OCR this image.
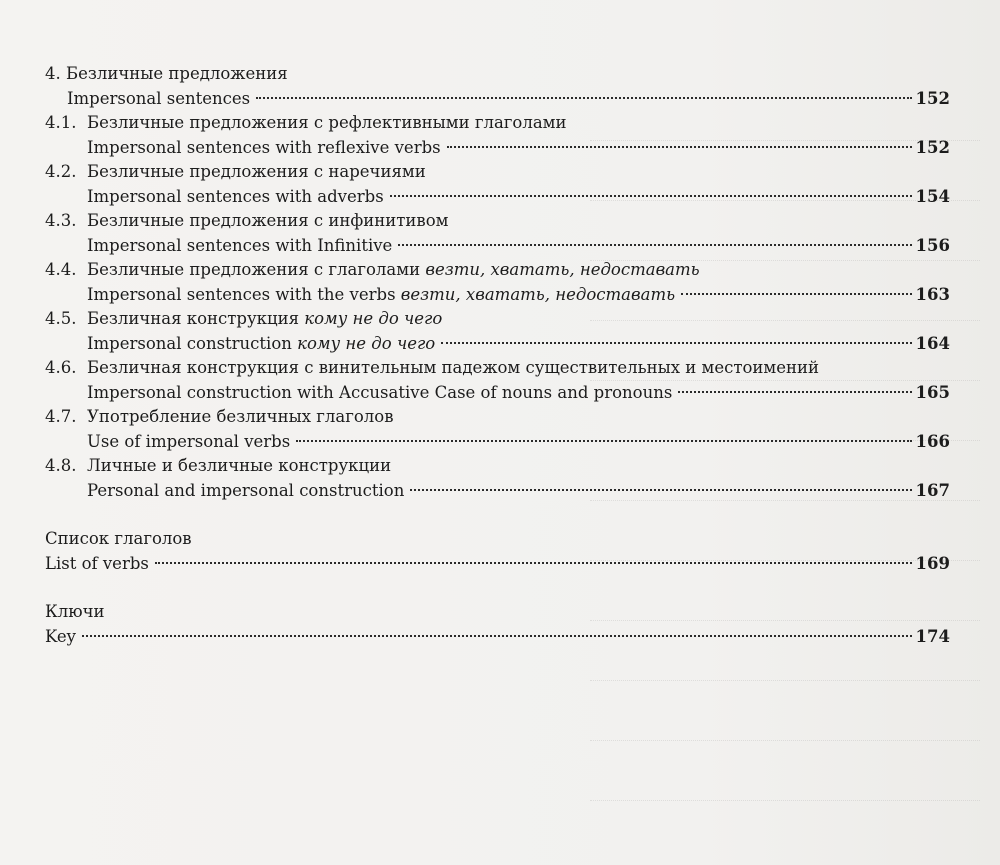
4. Безличные предложения
Impersonal sentences	152
4.1. Безличные предложения с рефлективными глаголами
Impersonal sentences with reflexive verbs	152
4.2. Безличные предложения с наречиями
Impersonal sentences with adverbs	154
4.3. Безличные предложения с инфинитивом
Impersonal sentences with Infinitive	156
4.4. Безличные предложения с глаголами везти, хватать, недоставать
Impersonal sentences with the verbs везти, хватать, недоставать	163
4.5. Безличная конструкция кому не до чего
Impersonal construction кому не до чего	164
4.6. Безличная конструкция с винительным падежом существительных и местоимений
Impersonal construction with Accusative Case of nouns and pronouns	165
4.7. Употребление безличных глаголов
Use of impersonal verbs	166
4.8. Личные и безличные конструкции
Personal and impersonal construction	167
Список глаголов
List of verbs	169
Ключи
Key	174
